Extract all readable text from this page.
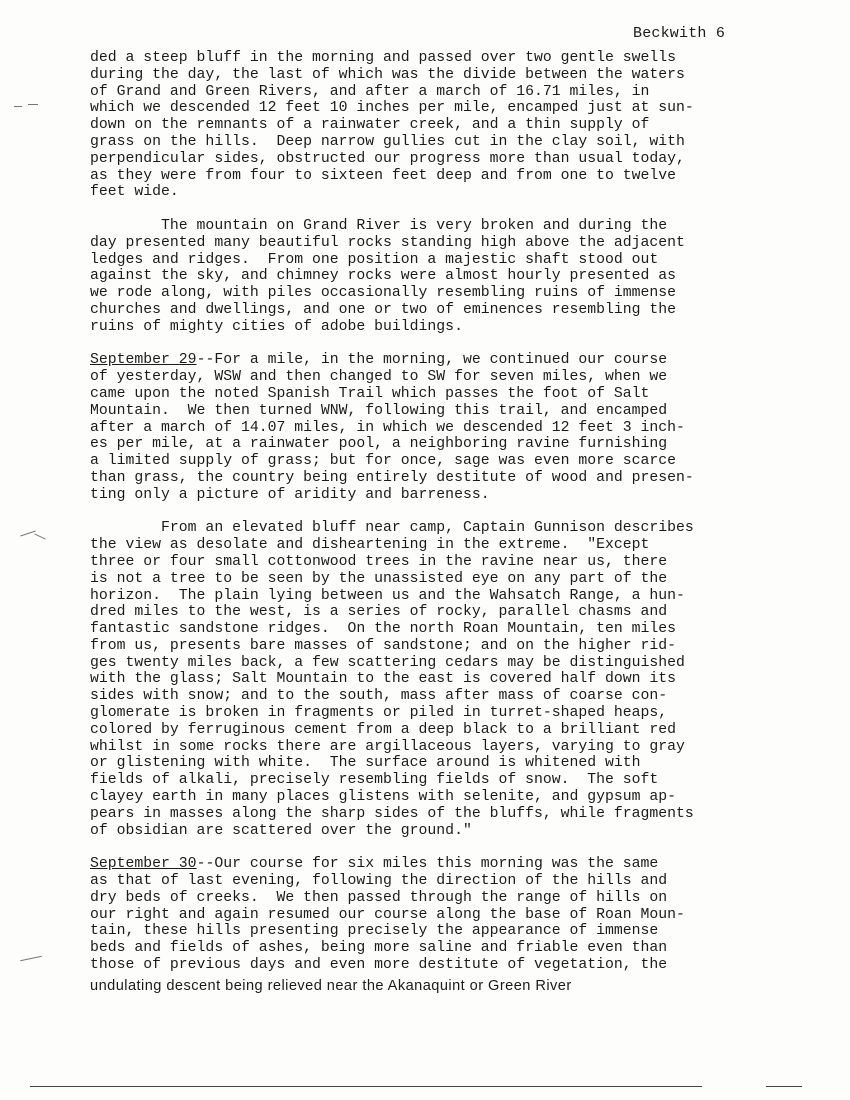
Beckwith 6
ded a steep bluff in the morning and passed over two gentle swells
during the day, the last of which was the divide between the waters
of Grand and Green Rivers, and after a march of 16.71 miles, in
which we descended 12 feet 10 inches per mile, encamped just at sun-
down on the remnants of a rainwater creek, and a thin supply of
grass on the hills.  Deep narrow gullies cut in the clay soil, with
perpendicular sides, obstructed our progress more than usual today,
as they were from four to sixteen feet deep and from one to twelve
feet wide.
The mountain on Grand River is very broken and during the
day presented many beautiful rocks standing high above the adjacent
ledges and ridges.  From one position a majestic shaft stood out
against the sky, and chimney rocks were almost hourly presented as
we rode along, with piles occasionally resembling ruins of immense
churches and dwellings, and one or two of eminences resembling the
ruins of mighty cities of adobe buildings.
September 29--For a mile, in the morning, we continued our course
of yesterday, WSW and then changed to SW for seven miles, when we
came upon the noted Spanish Trail which passes the foot of Salt
Mountain.  We then turned WNW, following this trail, and encamped
after a march of 14.07 miles, in which we descended 12 feet 3 inch-
es per mile, at a rainwater pool, a neighboring ravine furnishing
a limited supply of grass; but for once, sage was even more scarce
than grass, the country being entirely destitute of wood and presen-
ting only a picture of aridity and barreness.
From an elevated bluff near camp, Captain Gunnison describes
the view as desolate and disheartening in the extreme.  "Except
three or four small cottonwood trees in the ravine near us, there
is not a tree to be seen by the unassisted eye on any part of the
horizon.  The plain lying between us and the Wahsatch Range, a hun-
dred miles to the west, is a series of rocky, parallel chasms and
fantastic sandstone ridges.  On the north Roan Mountain, ten miles
from us, presents bare masses of sandstone; and on the higher rid-
ges twenty miles back, a few scattering cedars may be distinguished
with the glass; Salt Mountain to the east is covered half down its
sides with snow; and to the south, mass after mass of coarse con-
glomerate is broken in fragments or piled in turret-shaped heaps,
colored by ferruginous cement from a deep black to a brilliant red
whilst in some rocks there are argillaceous layers, varying to gray
or glistening with white.  The surface around is whitened with
fields of alkali, precisely resembling fields of snow.  The soft
clayey earth in many places glistens with selenite, and gypsum ap-
pears in masses along the sharp sides of the bluffs, while fragments
of obsidian are scattered over the ground."
September 30--Our course for six miles this morning was the same
as that of last evening, following the direction of the hills and
dry beds of creeks.  We then passed through the range of hills on
our right and again resumed our course along the base of Roan Moun-
tain, these hills presenting precisely the appearance of immense
beds and fields of ashes, being more saline and friable even than
those of previous days and even more destitute of vegetation, the
undulating descent being relieved near the Akanaquint or Green River
